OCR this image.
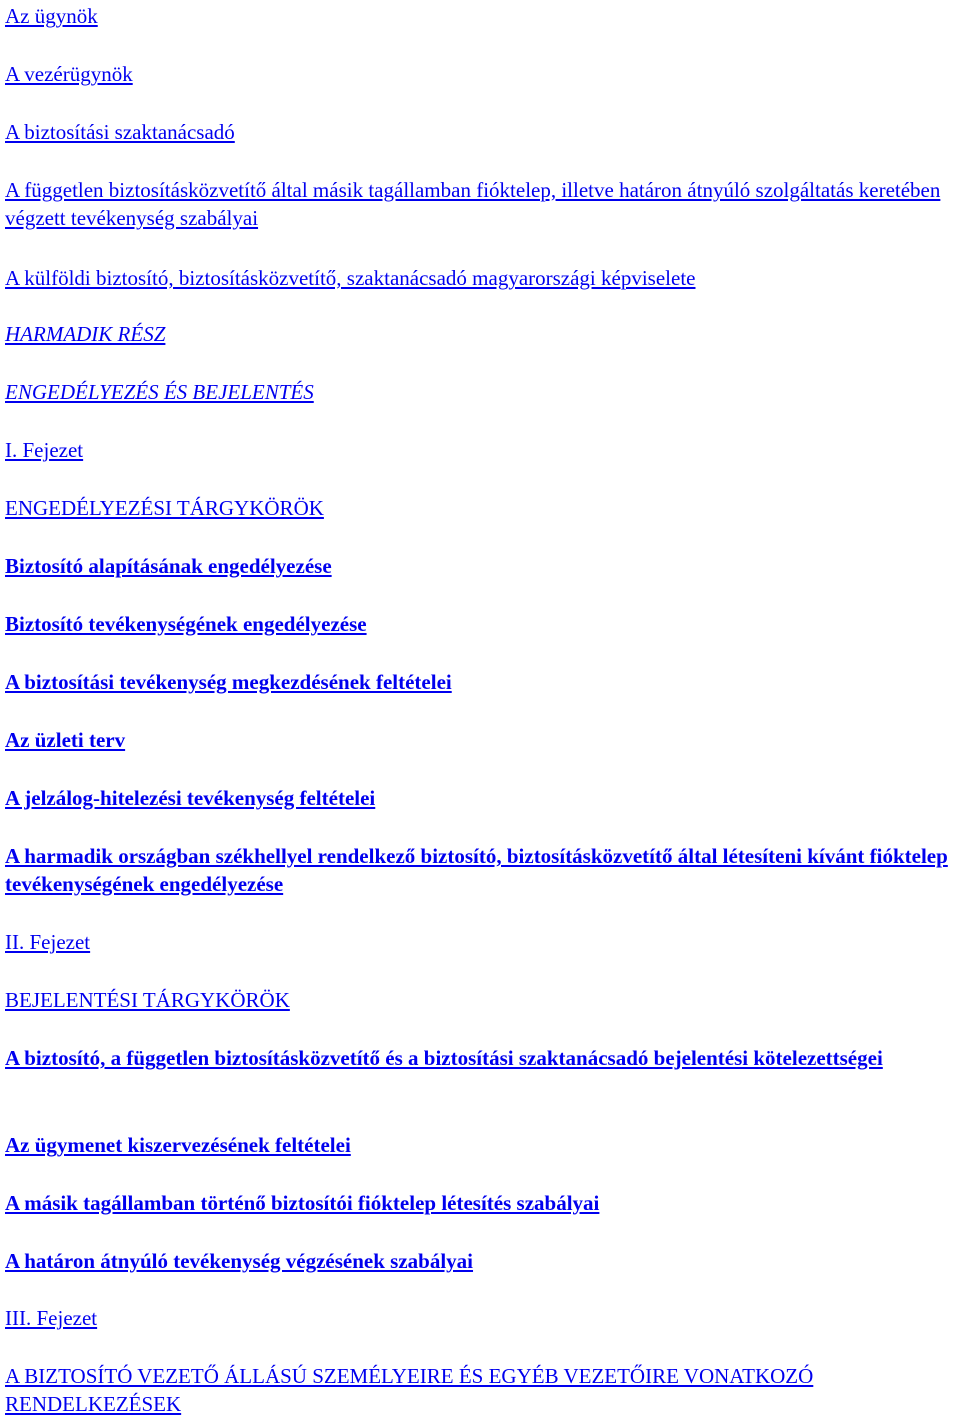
Az ügynök
A vezérügynök
A biztosítási szaktanácsadó
A független biztosításközvetítő által másik tagállamban fióktelep, illetve határon átnyúló szolgáltatás keretében végzett tevékenység szabályai
A külföldi biztosító, biztosításközvetítő, szaktanácsadó magyarországi képviselete
HARMADIK RÉSZ
ENGEDÉLYEZÉS ÉS BEJELENTÉS
I. Fejezet
ENGEDÉLYEZÉSI TÁRGYKÖRÖK
Biztosító alapításának engedélyezése
Biztosító tevékenységének engedélyezése
A biztosítási tevékenység megkezdésének feltételei
Az üzleti terv
A jelzálog-hitelezési tevékenység feltételei
A harmadik országban székhellyel rendelkező biztosító, biztosításközvetítő által létesíteni kívánt fióktelep tevékenységének engedélyezése
II. Fejezet
BEJELENTÉSI TÁRGYKÖRÖK
A biztosító, a független biztosításközvetítő és a biztosítási szaktanácsadó bejelentési kötelezettségei
Az ügymenet kiszervezésének feltételei
A másik tagállamban történő biztosítói fióktelep létesítés szabályai
A határon átnyúló tevékenység végzésének szabályai
III. Fejezet
A BIZTOSÍTÓ VEZETŐ ÁLLÁSÚ SZEMÉLYEIRE ÉS EGYÉB VEZETŐIRE VONATKOZÓ RENDELKEZÉSEK
